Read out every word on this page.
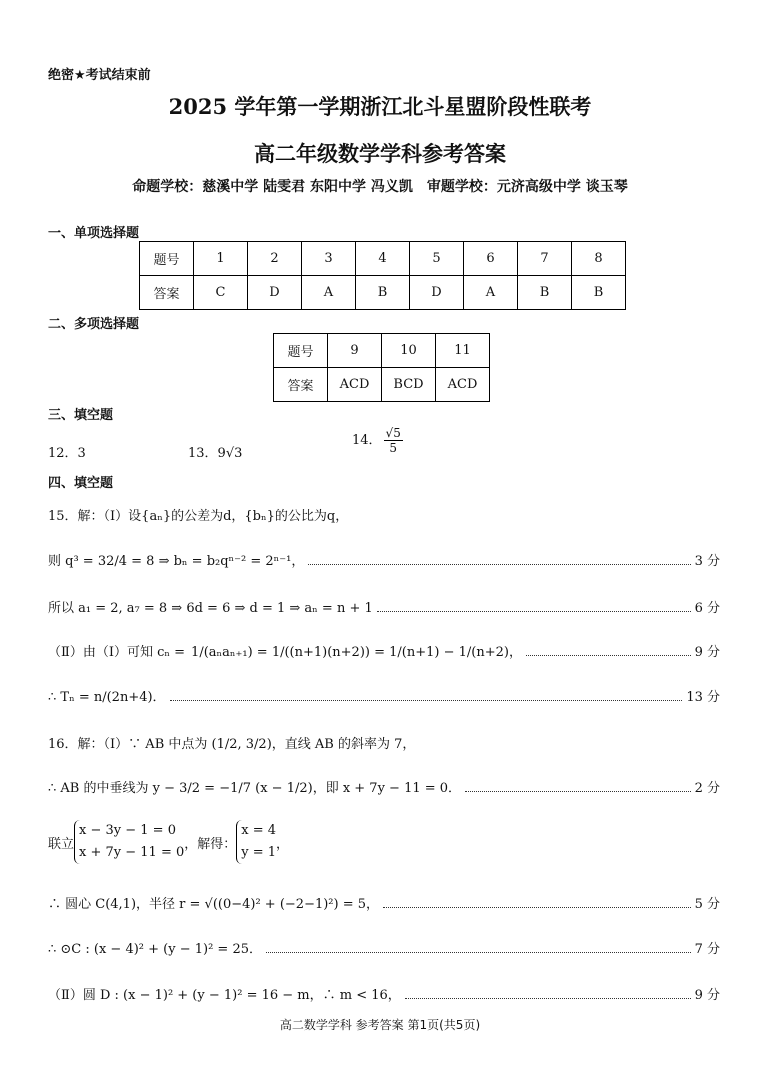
绝密★考试结束前
2025 学年第一学期浙江北斗星盟阶段性联考
高二年级数学学科参考答案
命题学校：慈溪中学 陆雯君 东阳中学 冯义凯　审题学校：元济高级中学 谈玉琴
一、单项选择题
题号	1	2	3	4	5	6	7	8
答案	C	D	A	B	D	A	B	B
二、多项选择题
题号	9	10	11
答案	ACD	BCD	ACD
三、填空题
12．3	13．9√3
14． $\frac{√5}{5}$
四、填空题
15．解：（Ⅰ）设{aₙ}的公差为d，{bₙ}的公比为q，
则 q³ = 32/4 = 8 ⇒ bₙ = b₂qⁿ⁻² = 2ⁿ⁻¹，	3 分
所以 a₁ = 2, a₇ = 8 ⇒ 6d = 6 ⇒ d = 1 ⇒ aₙ = n + 1	6 分
（Ⅱ）由（Ⅰ）可知 cₙ = 1/(aₙaₙ₊₁) = 1/((n+1)(n+2)) = 1/(n+1) − 1/(n+2)，	9 分
∴ Tₙ = n/(2n+4)．	13 分
16．解：（Ⅰ）∵ AB 中点为 (1/2, 3/2)，直线 AB 的斜率为 7，
∴ AB 的中垂线为 y − 3/2 = −1/7 (x − 1/2)，即 x + 7y − 11 = 0．	2 分
联立
x − 3y − 1 = 0
x + 7y − 11 = 0
，解得：
x = 4
y = 1
，
∴ 圆心 C(4,1)，半径 r = √((0−4)² + (−2−1)²) = 5，	5 分
∴ ⊙C : (x − 4)² + (y − 1)² = 25．	7 分
（Ⅱ）圆 D : (x − 1)² + (y − 1)² = 16 − m，∴ m < 16，	9 分
高二数学学科 参考答案 第1页(共5页)
